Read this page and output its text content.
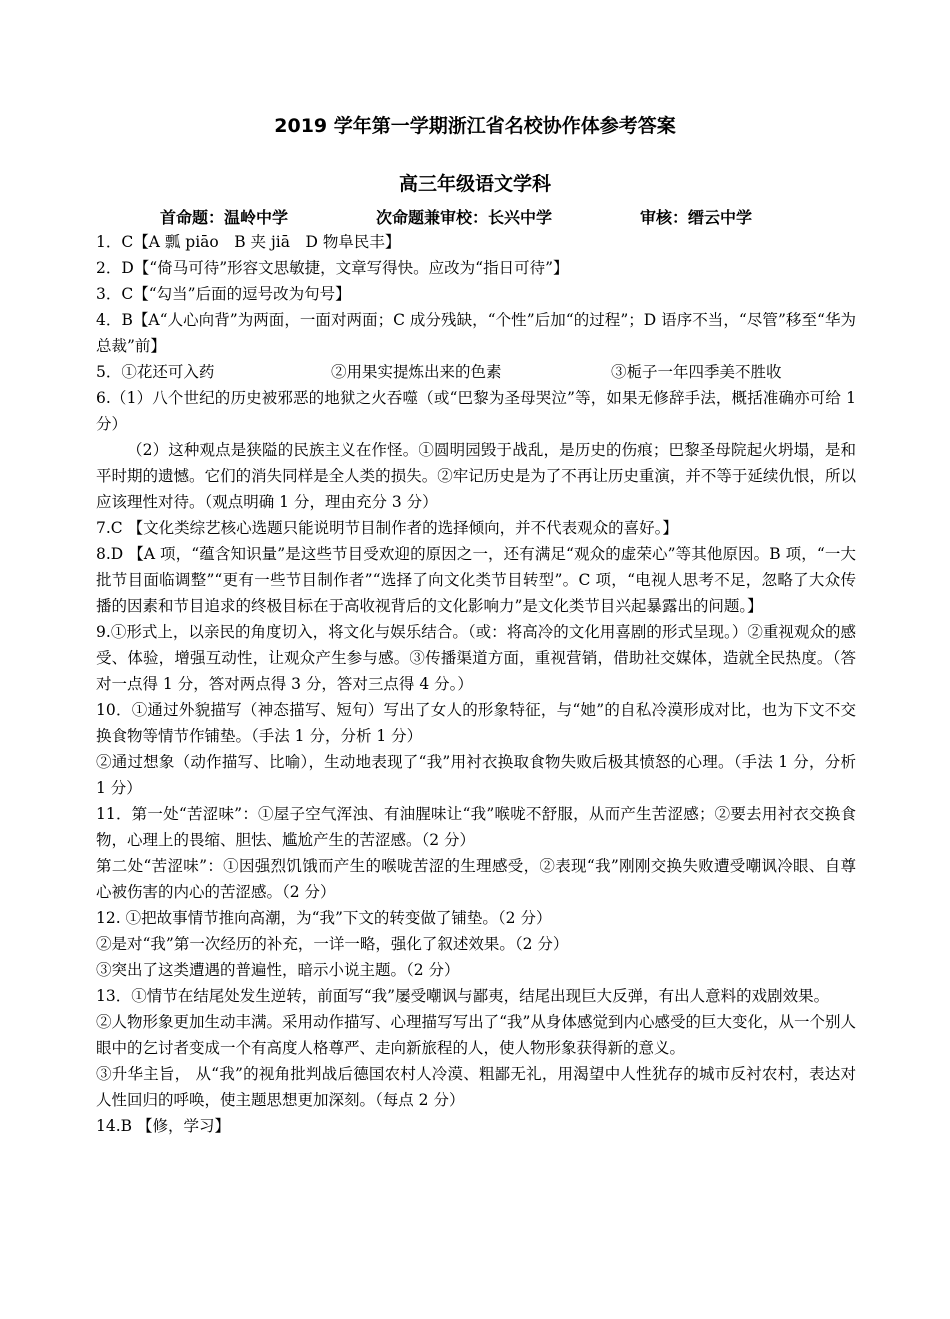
2019 学年第一学期浙江省名校协作体参考答案
高三年级语文学科
首命题：温岭中学	次命题兼审校：长兴中学	审核：缙云中学

1．C【A 瓢 piāo　B 夹 jiā　D 物阜民丰】

2．D【“倚马可待”形容文思敏捷，文章写得快。应改为“指日可待”】

3．C【“勾当”后面的逗号改为句号】

4．B【A“人心向背”为两面，一面对两面；C 成分残缺，“个性”后加“的过程”；D 语序不当，“尽管”移至“华为总裁”前】

5．①花还可入药	②用果实提炼出来的色素	③栀子一年四季美不胜收

6.（1）八个世纪的历史被邪恶的地狱之火吞噬（或“巴黎为圣母哭泣”等，如果无修辞手法，概括准确亦可给 1 分）

（2）这种观点是狭隘的民族主义在作怪。①圆明园毁于战乱，是历史的伤痕；巴黎圣母院起火坍塌，是和平时期的遗憾。它们的消失同样是全人类的损失。②牢记历史是为了不再让历史重演，并不等于延续仇恨，所以应该理性对待。（观点明确 1 分，理由充分 3 分）

7.C 【文化类综艺核心选题只能说明节目制作者的选择倾向，并不代表观众的喜好。】

8.D 【A 项，“蕴含知识量”是这些节目受欢迎的原因之一，还有满足“观众的虚荣心”等其他原因。B 项，“一大批节目面临调整”“更有一些节目制作者”“选择了向文化类节目转型”。C 项，“电视人思考不足，忽略了大众传播的因素和节目追求的终极目标在于高收视背后的文化影响力”是文化类节目兴起暴露出的问题。】

9.①形式上，以亲民的角度切入，将文化与娱乐结合。（或：将高冷的文化用喜剧的形式呈现。）②重视观众的感受、体验，增强互动性，让观众产生参与感。③传播渠道方面，重视营销，借助社交媒体，造就全民热度。（答对一点得 1 分，答对两点得 3 分，答对三点得 4 分。）

10．①通过外貌描写（神态描写、短句）写出了女人的形象特征，与“她”的自私冷漠形成对比，也为下文不交换食物等情节作铺垫。（手法 1 分，分析 1 分）

②通过想象（动作描写、比喻），生动地表现了“我”用衬衣换取食物失败后极其愤怒的心理。（手法 1 分，分析 1 分）

11．第一处“苦涩味”：①屋子空气浑浊、有油腥味让“我”喉咙不舒服，从而产生苦涩感；②要去用衬衣交换食物，心理上的畏缩、胆怯、尴尬产生的苦涩感。（2 分）

第二处“苦涩味”：①因强烈饥饿而产生的喉咙苦涩的生理感受，②表现“我”刚刚交换失败遭受嘲讽冷眼、自尊心被伤害的内心的苦涩感。（2 分）

12. ①把故事情节推向高潮，为“我”下文的转变做了铺垫。（2 分）

②是对“我”第一次经历的补充，一详一略，强化了叙述效果。（2 分）

③突出了这类遭遇的普遍性，暗示小说主题。（2 分）

13．①情节在结尾处发生逆转，前面写“我”屡受嘲讽与鄙夷，结尾出现巨大反弹，有出人意料的戏剧效果。

②人物形象更加生动丰满。采用动作描写、心理描写写出了“我”从身体感觉到内心感受的巨大变化，从一个别人眼中的乞讨者变成一个有高度人格尊严、走向新旅程的人，使人物形象获得新的意义。

③升华主旨， 从“我”的视角批判战后德国农村人冷漠、粗鄙无礼，用渴望中人性犹存的城市反衬农村，表达对人性回归的呼唤，使主题思想更加深刻。（每点 2 分）

14.B 【修，学习】
